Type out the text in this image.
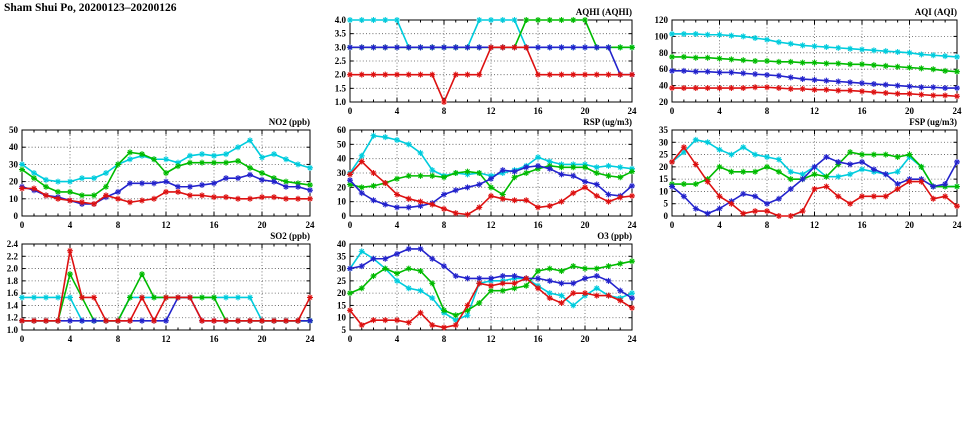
Sham Shui Po, 20200123–20200126	AQHI (AQHI)
0	4	8	12	16	20	24
1.0
1.5
2.0
2.5
3.0
3.5
4.0
AQI (AQI)
0	4	8	12	16	20	24
20
40
60
80
100
120
NO2 (ppb)
0	4	8	12	16	20	24
0
10
20
30
40
50
RSP (ug/m3)
0	4	8	12	16	20	24
0
10
20
30
40
50
60
FSP (ug/m3)
0	4	8	12	16	20	24
0
5
10
15
20
25
30
35
SO2 (ppb)
0	4	8	12	16	20	24
1.0
1.2
1.4
1.6
1.8
2.0
2.2
2.4
O3 (ppb)
0	4	8	12	16	20	24
5
10
15
20
25
30
35
40
